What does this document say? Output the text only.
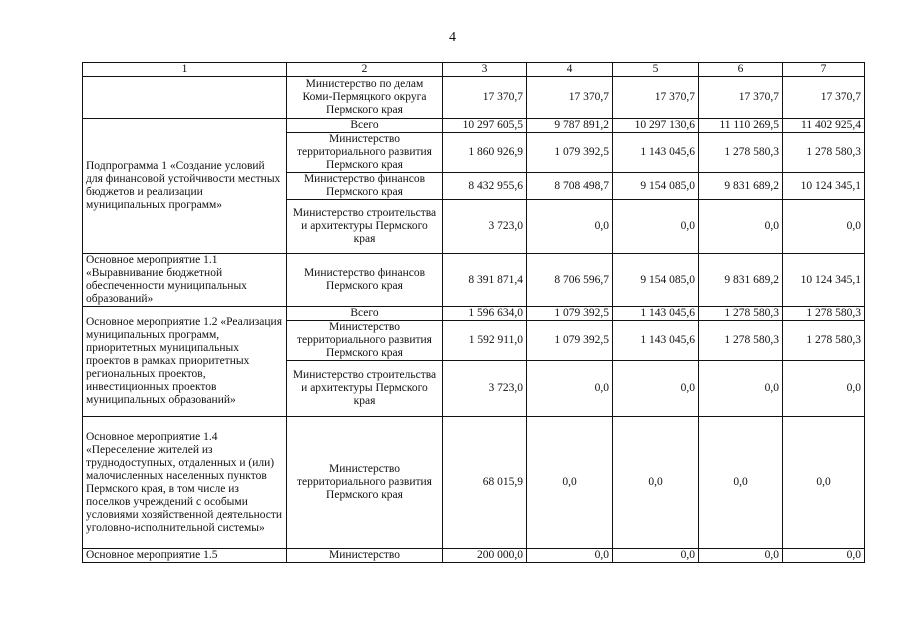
4
1	2	3	4	5	6	7
	Министерство по делам Коми-Пермяцкого округа Пермского края	17 370,7	17 370,7	17 370,7	17 370,7	17 370,7
Подпрограмма 1 «Создание условий для финансовой устойчивости местных бюджетов и реализации муниципальных программ»	Всего	10 297 605,5	9 787 891,2	10 297 130,6	11 110 269,5	11 402 925,4
	Министерство территориального развития Пермского края	1 860 926,9	1 079 392,5	1 143 045,6	1 278 580,3	1 278 580,3
	Министерство финансов Пермского края	8 432 955,6	8 708 498,7	9 154 085,0	9 831 689,2	10 124 345,1
	Министерство строительства и архитектуры Пермского края	3 723,0	0,0	0,0	0,0	0,0
Основное мероприятие 1.1 «Выравнивание бюджетной обеспеченности муниципальных образований»	Министерство финансов Пермского края	8 391 871,4	8 706 596,7	9 154 085,0	9 831 689,2	10 124 345,1
Основное мероприятие 1.2 «Реализация муниципальных программ, приоритетных муниципальных проектов в рамках приоритетных региональных проектов, инвестиционных проектов муниципальных образований»	Всего	1 596 634,0	1 079 392,5	1 143 045,6	1 278 580,3	1 278 580,3
	Министерство территориального развития Пермского края	1 592 911,0	1 079 392,5	1 143 045,6	1 278 580,3	1 278 580,3
	Министерство строительства и архитектуры Пермского края	3 723,0	0,0	0,0	0,0	0,0
Основное мероприятие 1.4 «Переселение жителей из труднодоступных, отдаленных и (или) малочисленных населенных пунктов Пермского края, в том числе из поселков учреждений с особыми условиями хозяйственной деятельности уголовно-исполнительной системы»	Министерство территориального развития Пермского края	68 015,9	0,0	0,0	0,0	0,0
Основное мероприятие 1.5	Министерство	200 000,0	0,0	0,0	0,0	0,0
